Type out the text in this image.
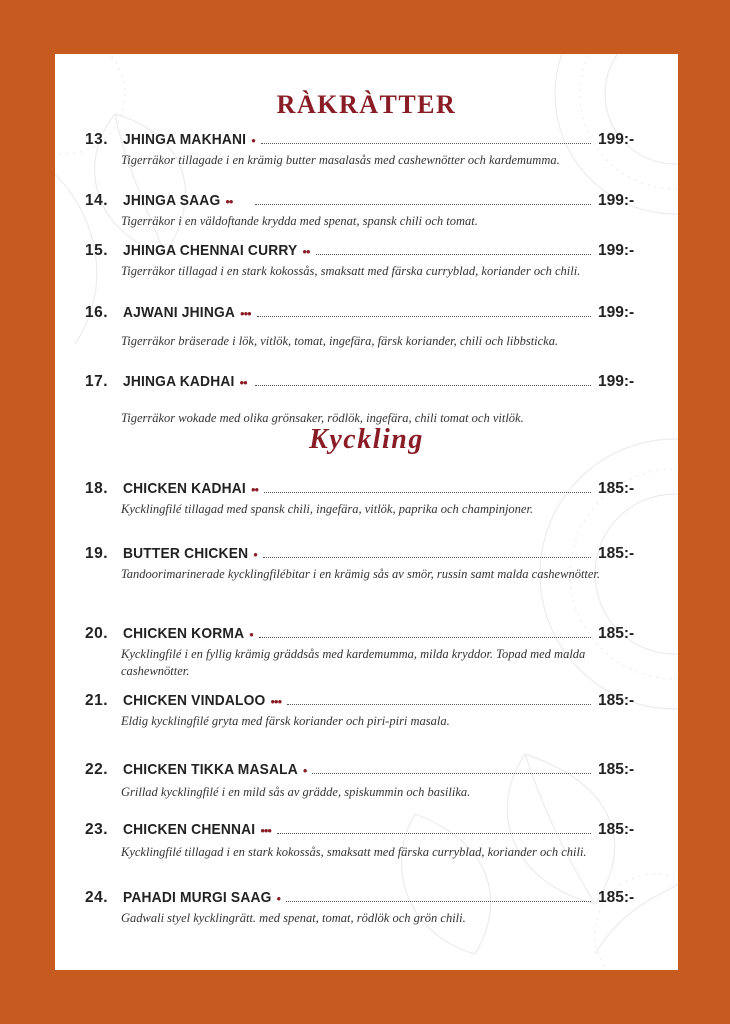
RÀKRÀTTER
13. JHINGA MAKHANI •	199:-
Tigerräkor tillagade i en krämig butter masalasås med cashewnötter och kardemumma.
14. JHINGA SAAG ••	199:-
Tigerräkor i en väldoftande krydda med spenat, spansk chili och tomat.
15. JHINGA CHENNAI CURRY ••	199:-
Tigerräkor tillagad i en stark kokossås, smaksatt med färska curryblad, koriander och chili.
16. AJWANI JHINGA •••	199:-
Tigerräkor bräserade i lök, vitlök, tomat, ingefära, färsk koriander, chili och libbsticka.
17. JHINGA KADHAI ••	199:-
Tigerräkor wokade med olika grönsaker, rödlök, ingefära, chili tomat och vitlök.
Kyckling
18. CHICKEN KADHAI ••	185:-
Kycklingfilé tillagad med spansk chili, ingefära, vitlök, paprika och champinjoner.
19. BUTTER CHICKEN •	185:-
Tandoorimarinerade kycklingfilébitar i en krämig sås av smör, russin samt malda cashewnötter.
20. CHICKEN KORMA •	185:-
Kycklingfilé i en fyllig krämig gräddsås med kardemumma, milda kryddor. Topad med malda cashewnötter.
21. CHICKEN VINDALOO •••	185:-
Eldig kycklingfilé gryta med färsk koriander och piri-piri masala.
22. CHICKEN TIKKA MASALA •	185:-
Grillad kycklingfilé i en mild sås av grädde, spiskummin och basilika.
23. CHICKEN CHENNAI •••	185:-
Kycklingfilé tillagad i en stark kokossås, smaksatt med färska curryblad, koriander och chili.
24. PAHADI MURGI SAAG •	185:-
Gadwali styel kycklingrätt. med spenat, tomat, rödlök och grön chili.
